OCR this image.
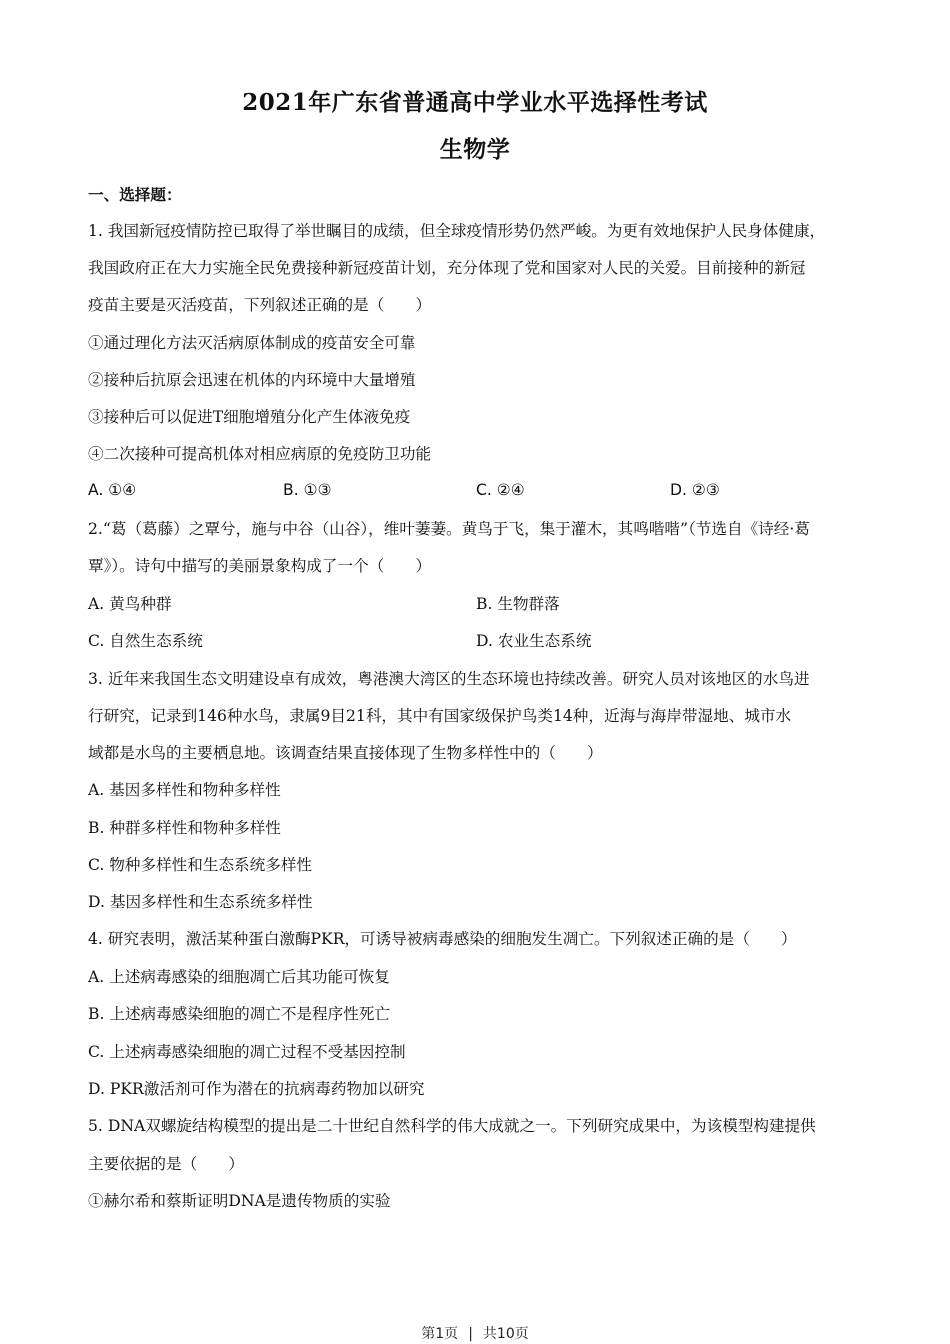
2021年广东省普通高中学业水平选择性考试
生物学
一、选择题：
1. 我国新冠疫情防控已取得了举世瞩目的成绩，但全球疫情形势仍然严峻。为更有效地保护人民身体健康，
我国政府正在大力实施全民免费接种新冠疫苗计划，充分体现了党和国家对人民的关爱。目前接种的新冠
疫苗主要是灭活疫苗，下列叙述正确的是（　　）
①通过理化方法灭活病原体制成的疫苗安全可靠
②接种后抗原会迅速在机体的内环境中大量增殖
③接种后可以促进T细胞增殖分化产生体液免疫
④二次接种可提高机体对相应病原的免疫防卫功能
A. ①④	B. ①③	C. ②④	D. ②③
2.“葛（葛藤）之覃兮，施与中谷（山谷），维叶萋萋。黄鸟于飞，集于灌木，其鸣喈喈”（节选自《诗经·葛
覃》）。诗句中描写的美丽景象构成了一个（　　）
A. 黄鸟种群	B. 生物群落
C. 自然生态系统	D. 农业生态系统
3. 近年来我国生态文明建设卓有成效，粤港澳大湾区的生态环境也持续改善。研究人员对该地区的水鸟进
行研究，记录到146种水鸟，隶属9目21科，其中有国家级保护鸟类14种，近海与海岸带湿地、城市水
域都是水鸟的主要栖息地。该调查结果直接体现了生物多样性中的（　　）
A. 基因多样性和物种多样性
B. 种群多样性和物种多样性
C. 物种多样性和生态系统多样性
D. 基因多样性和生态系统多样性
4. 研究表明，激活某种蛋白激酶PKR，可诱导被病毒感染的细胞发生凋亡。下列叙述正确的是（　　）
A. 上述病毒感染的细胞凋亡后其功能可恢复
B. 上述病毒感染细胞的凋亡不是程序性死亡
C. 上述病毒感染细胞的凋亡过程不受基因控制
D. PKR激活剂可作为潜在的抗病毒药物加以研究
5. DNA双螺旋结构模型的提出是二十世纪自然科学的伟大成就之一。下列研究成果中，为该模型构建提供
主要依据的是（　　）
①赫尔希和蔡斯证明DNA是遗传物质的实验
第1页 | 共10页
